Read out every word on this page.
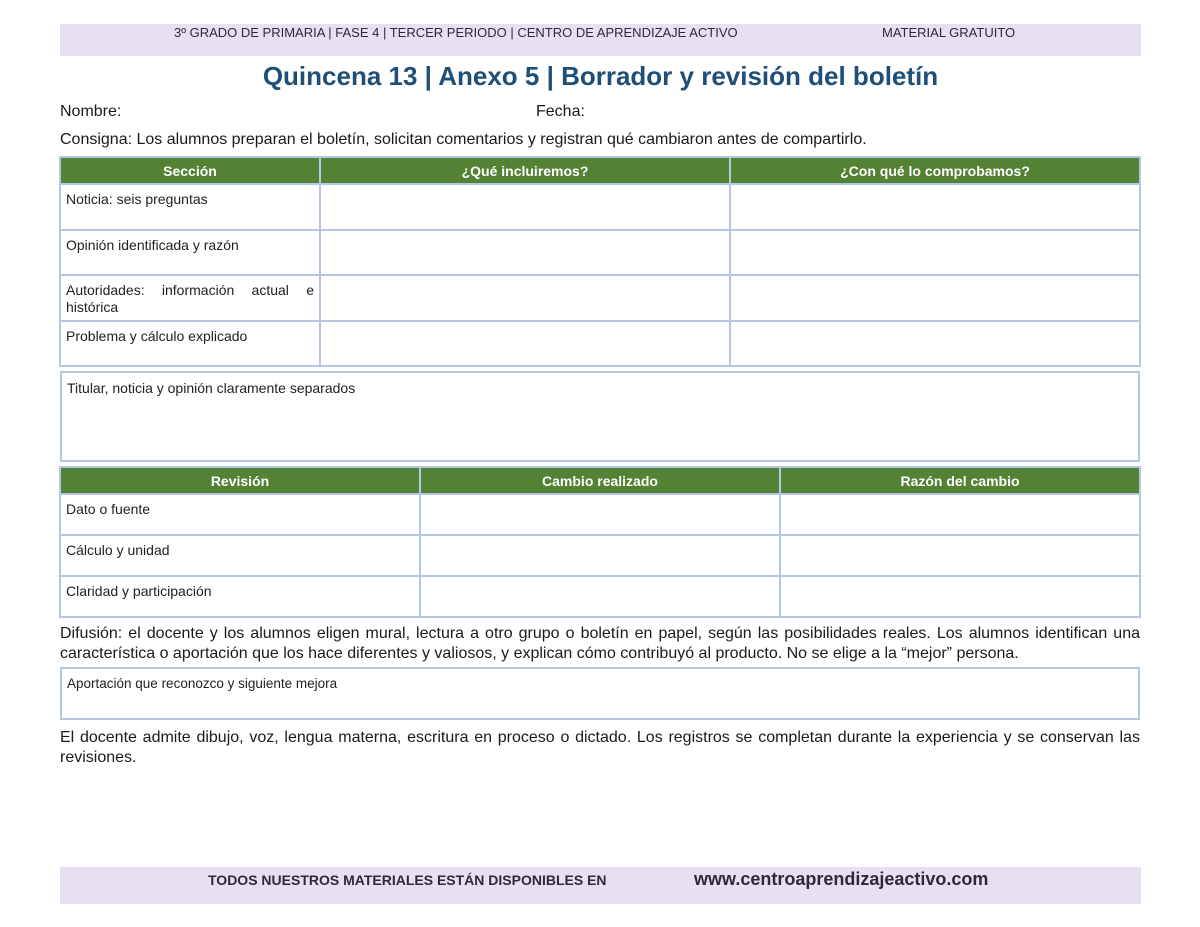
3º GRADO DE PRIMARIA | FASE 4 | TERCER PERIODO | CENTRO DE APRENDIZAJE ACTIVO	MATERIAL GRATUITO
Quincena 13 | Anexo 5 | Borrador y revisión del boletín
Nombre:	Fecha:
Consigna: Los alumnos preparan el boletín, solicitan comentarios y registran qué cambiaron antes de compartirlo.
Sección	¿Qué incluiremos?	¿Con qué lo comprobamos?
Noticia: seis preguntas		
Opinión identificada y razón		
Autoridades: información actual e histórica		
Problema y cálculo explicado		
Titular, noticia y opinión claramente separados
Revisión	Cambio realizado	Razón del cambio
Dato o fuente		
Cálculo y unidad		
Claridad y participación		
Difusión: el docente y los alumnos eligen mural, lectura a otro grupo o boletín en papel, según las posibilidades reales. Los alumnos identifican una característica o aportación que los hace diferentes y valiosos, y explican cómo contribuyó al producto. No se elige a la “mejor” persona.
Aportación que reconozco y siguiente mejora
El docente admite dibujo, voz, lengua materna, escritura en proceso o dictado. Los registros se completan durante la experiencia y se conservan las revisiones.
TODOS NUESTROS MATERIALES ESTÁN DISPONIBLES EN	www.centroaprendizajeactivo.com
